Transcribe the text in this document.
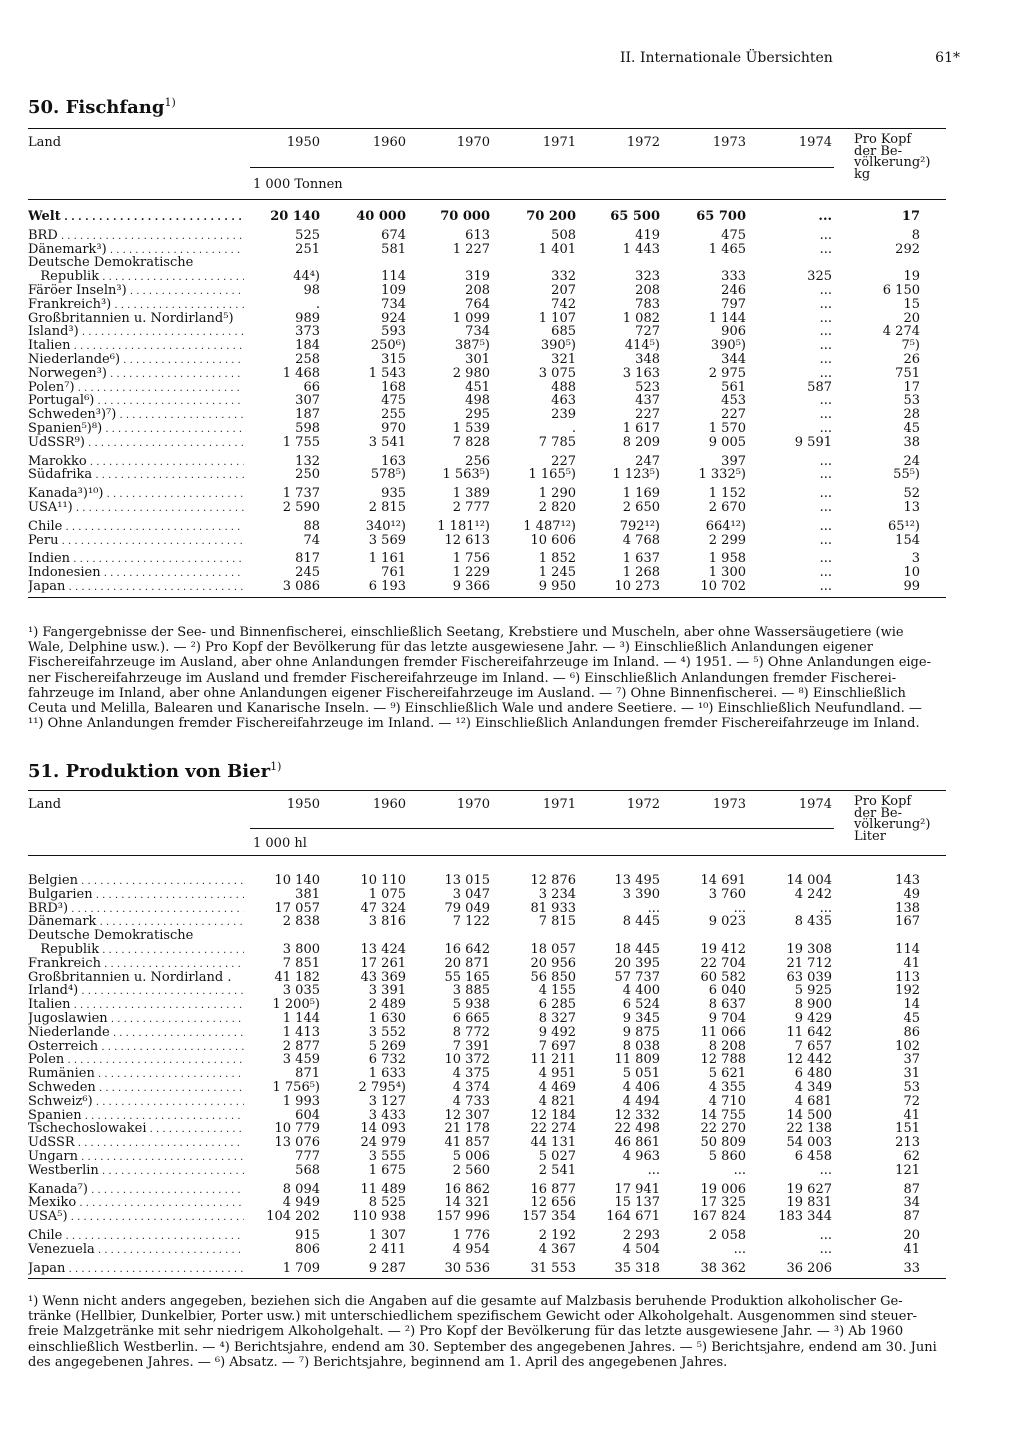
II. Internationale Übersichten	61*
50. Fischfang$^{1)}$
Land	1950	1960	1970	1971	1972	1973	1974 Pro Kopf
der Be-
völkerung²)
kg
1 000 Tonnen
Welt . . .	20 140	40 000	70 000	70 200	65 500	65 700	...	17
BRD . . .	525	674	613	508	419	475	...	8
Dänemark³) . . .	251	581	1 227	1 401	1 443	1 465	...	292
Deutsche Demokratische
Republik . . .	44⁴)	114	319	332	323	333	325	19
Färöer Inseln³) . . .	98	109	208	207	208	246	...	6 150
Frankreich³) . . .	.	734	764	742	783	797	...	15
Großbritannien u. Nordirland⁵)	989	924	1 099	1 107	1 082	1 144	...	20
Island³) . . .	373	593	734	685	727	906	...	4 274
Italien . . .	184	250⁶)	387⁵)	390⁵)	414⁵)	390⁵)	...	7⁵)
Niederlande⁶) . . .	258	315	301	321	348	344	...	26
Norwegen³) . . .	1 468	1 543	2 980	3 075	3 163	2 975	...	751
Polen⁷) . . .	66	168	451	488	523	561	587	17
Portugal⁶) . . .	307	475	498	463	437	453	...	53
Schweden³)⁷) . . .	187	255	295	239	227	227	...	28
Spanien⁵)⁸) . . .	598	970	1 539	.	1 617	1 570	...	45
UdSSR⁹) . . .	1 755	3 541	7 828	7 785	8 209	9 005	9 591	38
Marokko . . .	132	163	256	227	247	397	...	24
Südafrika . . .	250	578⁵)	1 563⁵)	1 165⁵)	1 123⁵)	1 332⁵)	...	55⁵)
Kanada³)¹⁰) . . .	1 737	935	1 389	1 290	1 169	1 152	...	52
USA¹¹) . . .	2 590	2 815	2 777	2 820	2 650	2 670	...	13
Chile . . .	88	340¹²)	1 181¹²)	1 487¹²)	792¹²)	664¹²)	...	65¹²)
Peru . . .	74	3 569	12 613	10 606	4 768	2 299	...	154
Indien . . .	817	1 161	1 756	1 852	1 637	1 958	...	3
Indonesien . . .	245	761	1 229	1 245	1 268	1 300	...	10
Japan . . .	3 086	6 193	9 366	9 950	10 273	10 702	...	99
¹) Fangergebnisse der See- und Binnenfischerei, einschließlich Seetang, Krebstiere und Muscheln, aber ohne Wassersäugetiere (wie
Wale, Delphine usw.). — ²) Pro Kopf der Bevölkerung für das letzte ausgewiesene Jahr. — ³) Einschließlich Anlandungen eigener
Fischereifahrzeuge im Ausland, aber ohne Anlandungen fremder Fischereifahrzeuge im Inland. — ⁴) 1951. — ⁵) Ohne Anlandungen eige-
ner Fischereifahrzeuge im Ausland und fremder Fischereifahrzeuge im Inland. — ⁶) Einschließlich Anlandungen fremder Fischerei-
fahrzeuge im Inland, aber ohne Anlandungen eigener Fischereifahrzeuge im Ausland. — ⁷) Ohne Binnenfischerei. — ⁸) Einschließlich
Ceuta und Melilla, Balearen und Kanarische Inseln. — ⁹) Einschließlich Wale und andere Seetiere. — ¹⁰) Einschließlich Neufundland. —
¹¹) Ohne Anlandungen fremder Fischereifahrzeuge im Inland. — ¹²) Einschließlich Anlandungen fremder Fischereifahrzeuge im Inland.
51. Produktion von Bier$^{1)}$
Land	1950	1960	1970	1971	1972	1973	1974 Pro Kopf
der Be-
völkerung²)
Liter
1 000 hl
Belgien . . .	10 140	10 110	13 015	12 876	13 495	14 691	14 004	143
Bulgarien . . .	381	1 075	3 047	3 234	3 390	3 760	4 242	49
BRD³) . . .	17 057	47 324	79 049	81 933	...	...	...	138
Dänemark . . .	2 838	3 816	7 122	7 815	8 445	9 023	8 435	167
Deutsche Demokratische
Republik . . .	3 800	13 424	16 642	18 057	18 445	19 412	19 308	114
Frankreich . . .	7 851	17 261	20 871	20 956	20 395	22 704	21 712	41
Großbritannien u. Nordirland .	41 182	43 369	55 165	56 850	57 737	60 582	63 039	113
Irland⁴) . . .	3 035	3 391	3 885	4 155	4 400	6 040	5 925	192
Italien . . .	1 200⁵)	2 489	5 938	6 285	6 524	8 637	8 900	14
Jugoslawien . . .	1 144	1 630	6 665	8 327	9 345	9 704	9 429	45
Niederlande . . .	1 413	3 552	8 772	9 492	9 875	11 066	11 642	86
Österreich . . .	2 877	5 269	7 391	7 697	8 038	8 208	7 657	102
Polen . . .	3 459	6 732	10 372	11 211	11 809	12 788	12 442	37
Rumänien . . .	871	1 633	4 375	4 951	5 051	5 621	6 480	31
Schweden . . .	1 756⁵)	2 795⁴)	4 374	4 469	4 406	4 355	4 349	53
Schweiz⁶) . . .	1 993	3 127	4 733	4 821	4 494	4 710	4 681	72
Spanien . . .	604	3 433	12 307	12 184	12 332	14 755	14 500	41
Tschechoslowakei . . .	10 779	14 093	21 178	22 274	22 498	22 270	22 138	151
UdSSR . . .	13 076	24 979	41 857	44 131	46 861	50 809	54 003	213
Ungarn . . .	777	3 555	5 006	5 027	4 963	5 860	6 458	62
Westberlin . . .	568	1 675	2 560	2 541	...	...	...	121
Kanada⁷) . . .	8 094	11 489	16 862	16 877	17 941	19 006	19 627	87
Mexiko . . .	4 949	8 525	14 321	12 656	15 137	17 325	19 831	34
USA⁵) . . .	104 202	110 938	157 996	157 354	164 671	167 824	183 344	87
Chile . . .	915	1 307	1 776	2 192	2 293	2 058	...	20
Venezuela . . .	806	2 411	4 954	4 367	4 504	...	...	41
Japan . . .	1 709	9 287	30 536	31 553	35 318	38 362	36 206	33
¹) Wenn nicht anders angegeben, beziehen sich die Angaben auf die gesamte auf Malzbasis beruhende Produktion alkoholischer Ge-
tränke (Hellbier, Dunkelbier, Porter usw.) mit unterschiedlichem spezifischem Gewicht oder Alkoholgehalt. Ausgenommen sind steuer-
freie Malzgetränke mit sehr niedrigem Alkoholgehalt. — ²) Pro Kopf der Bevölkerung für das letzte ausgewiesene Jahr. — ³) Ab 1960
einschließlich Westberlin. — ⁴) Berichtsjahre, endend am 30. September des angegebenen Jahres. — ⁵) Berichtsjahre, endend am 30. Juni
des angegebenen Jahres. — ⁶) Absatz. — ⁷) Berichtsjahre, beginnend am 1. April des angegebenen Jahres.
